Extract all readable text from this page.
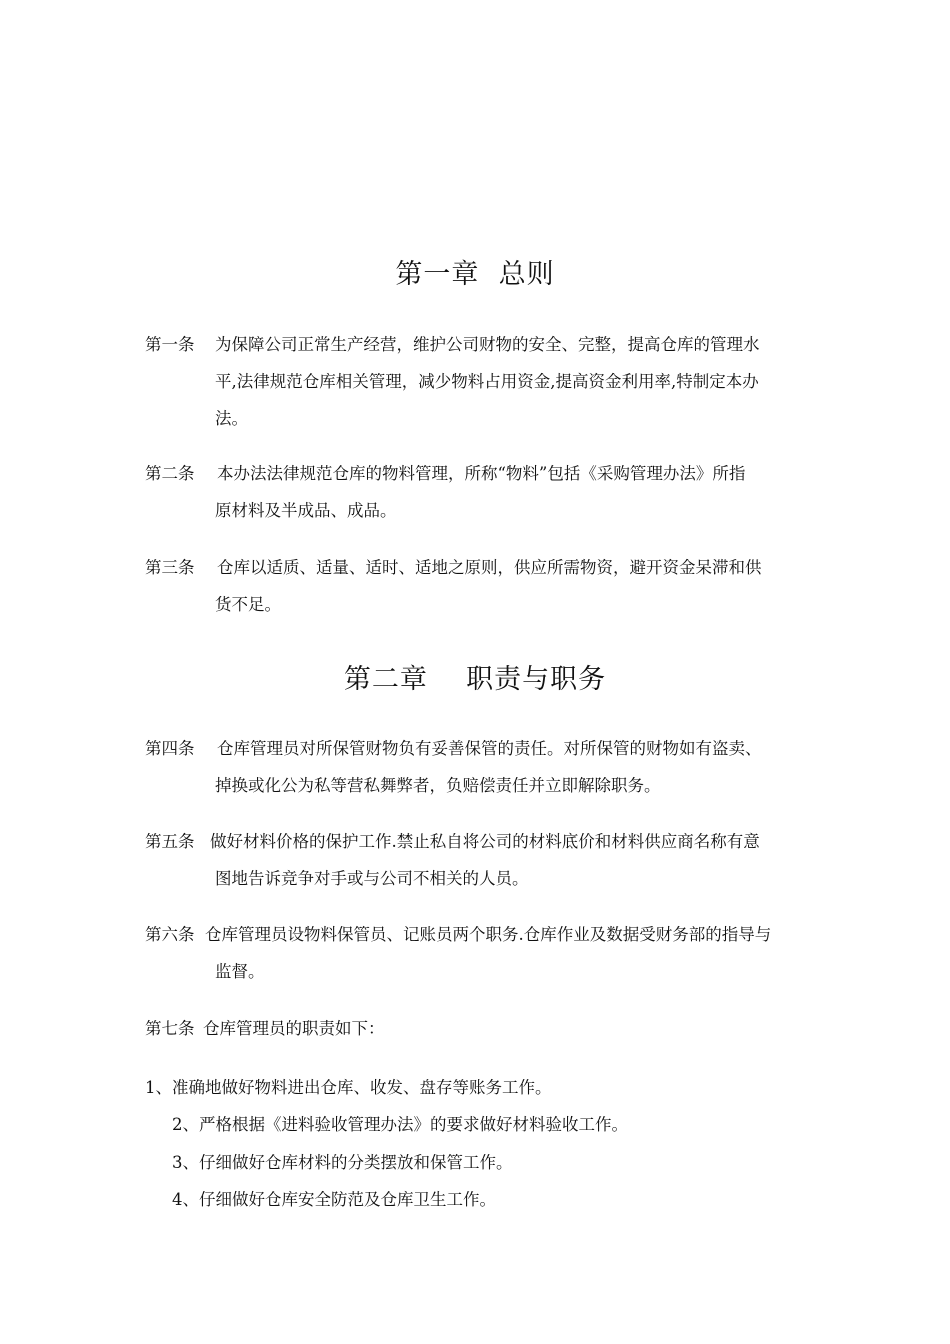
第一章  总则
第一条 为保障公司正常生产经营，维护公司财物的安全、完整，提高仓库的管理水
平,法律规范仓库相关管理，减少物料占用资金,提高资金利用率,特制定本办
法。
第二条 本办法法律规范仓库的物料管理，所称“物料”包括《采购管理办法》所指
原材料及半成品、成品。
第三条 仓库以适质、适量、适时、适地之原则，供应所需物资，避开资金呆滞和供
货不足。
第二章    职责与职务
第四条 仓库管理员对所保管财物负有妥善保管的责任。对所保管的财物如有盗卖、
掉换或化公为私等营私舞弊者，负赔偿责任并立即解除职务。
第五条 做好材料价格的保护工作.禁止私自将公司的材料底价和材料供应商名称有意
图地告诉竞争对手或与公司不相关的人员。
第六条 仓库管理员设物料保管员、记账员两个职务.仓库作业及数据受财务部的指导与
监督。
第七条 仓库管理员的职责如下：
1、准确地做好物料进出仓库、收发、盘存等账务工作。
2、严格根据《进料验收管理办法》的要求做好材料验收工作。
3、仔细做好仓库材料的分类摆放和保管工作。
4、仔细做好仓库安全防范及仓库卫生工作。
